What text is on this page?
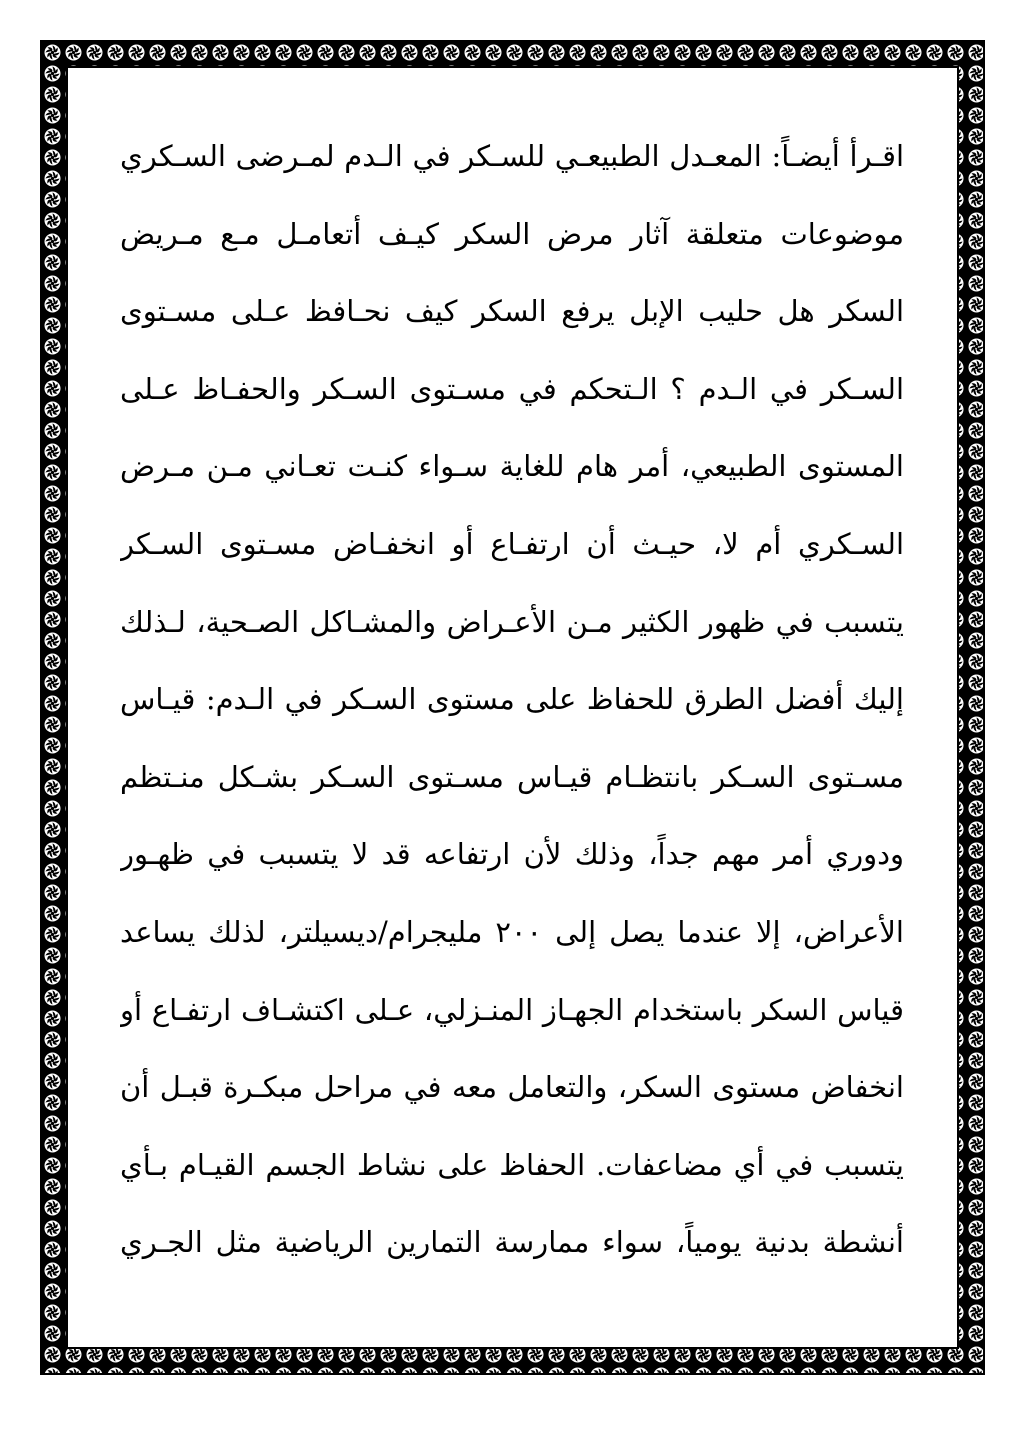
اقـرأ أيضـاً: المعـدل الطبيعـي للسـكر في الـدم لمـرضى السـكري
موضوعات متعلقة آثار مرض السكر كيـف أتعامـل مـع مـريض
السكر هل حليب الإبل يرفع السكر كيف نحـافظ عـلى مسـتوى
السـكر في الـدم ؟ الـتحكم في مسـتوى السـكر والحفـاظ عـلى
المستوى الطبيعي، أمر هام للغاية سـواء كنـت تعـاني مـن مـرض
السـكري أم لا، حيـث أن ارتفـاع أو انخفـاض مسـتوى السـكر
يتسبب في ظهور الكثير مـن الأعـراض والمشـاكل الصـحية، لـذلك
إليك أفضل الطرق للحفاظ على مستوى السـكر في الـدم: قيـاس
مسـتوى السـكر بانتظـام قيـاس مسـتوى السـكر بشـكل منـتظم
ودوري أمر مهم جداً، وذلك لأن ارتفاعه قد لا يتسبب في ظهـور
الأعراض، إلا عندما يصل إلى ٢٠٠ مليجرام/ديسيلتر، لذلك يساعد
قياس السكر باستخدام الجهـاز المنـزلي، عـلى اكتشـاف ارتفـاع أو
انخفاض مستوى السكر، والتعامل معه في مراحل مبكـرة قبـل أن
يتسبب في أي مضاعفات. الحفاظ على نشاط الجسم القيـام بـأي
أنشطة بدنية يومياً، سواء ممارسة التمارين الرياضية مثل الجـري
